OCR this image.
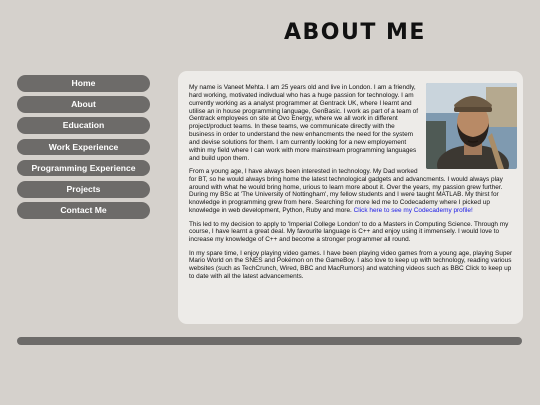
ABOUT ME
Home
About
Education
Work Experience
Programming Experience
Projects
Contact Me

My name is Vaneet Mehta. I am 25 years old and live in London. I am a friendly, hard working, motivated indivdual who has a huge passion for technology. I am currently working as a analyst programmer at Gentrack UK, where I learnt and utilise an in house programming language, GenBasic. I work as part of a team of Gentrack employees on site at Ovo Energy, where we all work in different project/product teams. In these teams, we communicate directly with the business in order to understand the new enhancments the need for the system and devise solutions for them. I am currently looking for a new employement within my field where I can work with more mainstream programming languages and build upon them.

From a young age, I have always been interested in technology. My Dad worked for BT, so he would always bring home the latest technological gadgets and advancments. I would always play around with what he would bring home, urious to learn more about it. Over the years, my passion grew further. During my BSc at 'The University of Nottingham', my fellow students and I were taught MATLAB. My thirst for knowledge in programming grew from here. Searching for more led me to Codecademy where I picked up knowledge in web development, Python, Ruby and more. Click here to see my Codecademy profile!

This led to my decision to apply to 'Imperial College London' to do a Masters in Computing Science. Through my course, I have learnt a great deal. My favourite language is C++ and enjoy using it immensely. I would love to increase my knowledge of C++ and become a stronger programmer all round.

In my spare time, I enjoy playing video games. I have been playing video games from a young age, playing Super Mario World on the SNES and Pokémon on the GameBoy. I also love to keep up with technology, reading various websites (such as TechCrunch, Wired, BBC and MacRumors) and watching videos such as BBC Click to keep up to date with all the latest advancements.
